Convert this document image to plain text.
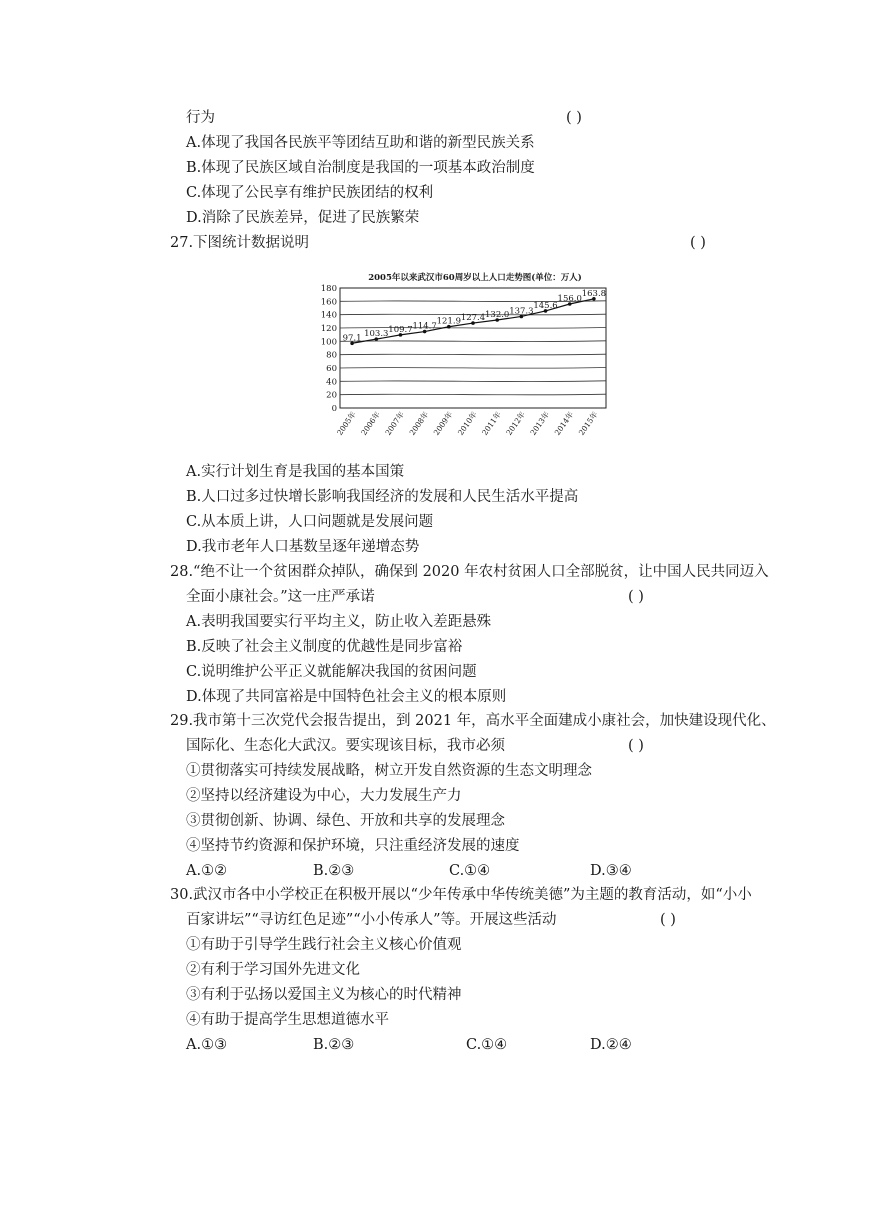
行为	( )
A.体现了我国各民族平等团结互助和谐的新型民族关系
B.体现了民族区域自治制度是我国的一项基本政治制度
C.体现了公民享有维护民族团结的权利
D.消除了民族差异，促进了民族繁荣
27.下图统计数据说明	( )
2005年以来武汉市60周岁以上人口走势图(单位：万人)
0
20
40
60
80
100
120
140
160
180
2005年 2006年 2007年 2008年 2009年 2010年 2011年 2012年 2013年 2014年 2015年
97.1 103.3 109.7 114.7 121.9 127.4 132.0 137.3
145.6
156.0
163.8
A.实行计划生育是我国的基本国策
B.人口过多过快增长影响我国经济的发展和人民生活水平提高
C.从本质上讲，人口问题就是发展问题
D.我市老年人口基数呈逐年递增态势
28.“绝不让一个贫困群众掉队，确保到 2020 年农村贫困人口全部脱贫，让中国人民共同迈入
全面小康社会。”这一庄严承诺	( )
A.表明我国要实行平均主义，防止收入差距悬殊
B.反映了社会主义制度的优越性是同步富裕
C.说明维护公平正义就能解决我国的贫困问题
D.体现了共同富裕是中国特色社会主义的根本原则
29.我市第十三次党代会报告提出，到 2021 年，高水平全面建成小康社会，加快建设现代化、
国际化、生态化大武汉。要实现该目标，我市必须	( )
①贯彻落实可持续发展战略，树立开发自然资源的生态文明理念
②坚持以经济建设为中心，大力发展生产力
③贯彻创新、协调、绿色、开放和共享的发展理念
④坚持节约资源和保护环境，只注重经济发展的速度
A.①②	B.②③	C.①④	D.③④
30.武汉市各中小学校正在积极开展以“少年传承中华传统美德”为主题的教育活动，如“小小
百家讲坛”“寻访红色足迹”“小小传承人”等。开展这些活动	( )
①有助于引导学生践行社会主义核心价值观
②有利于学习国外先进文化
③有利于弘扬以爱国主义为核心的时代精神
④有助于提高学生思想道德水平
A.①③	B.②③	C.①④	D.②④
